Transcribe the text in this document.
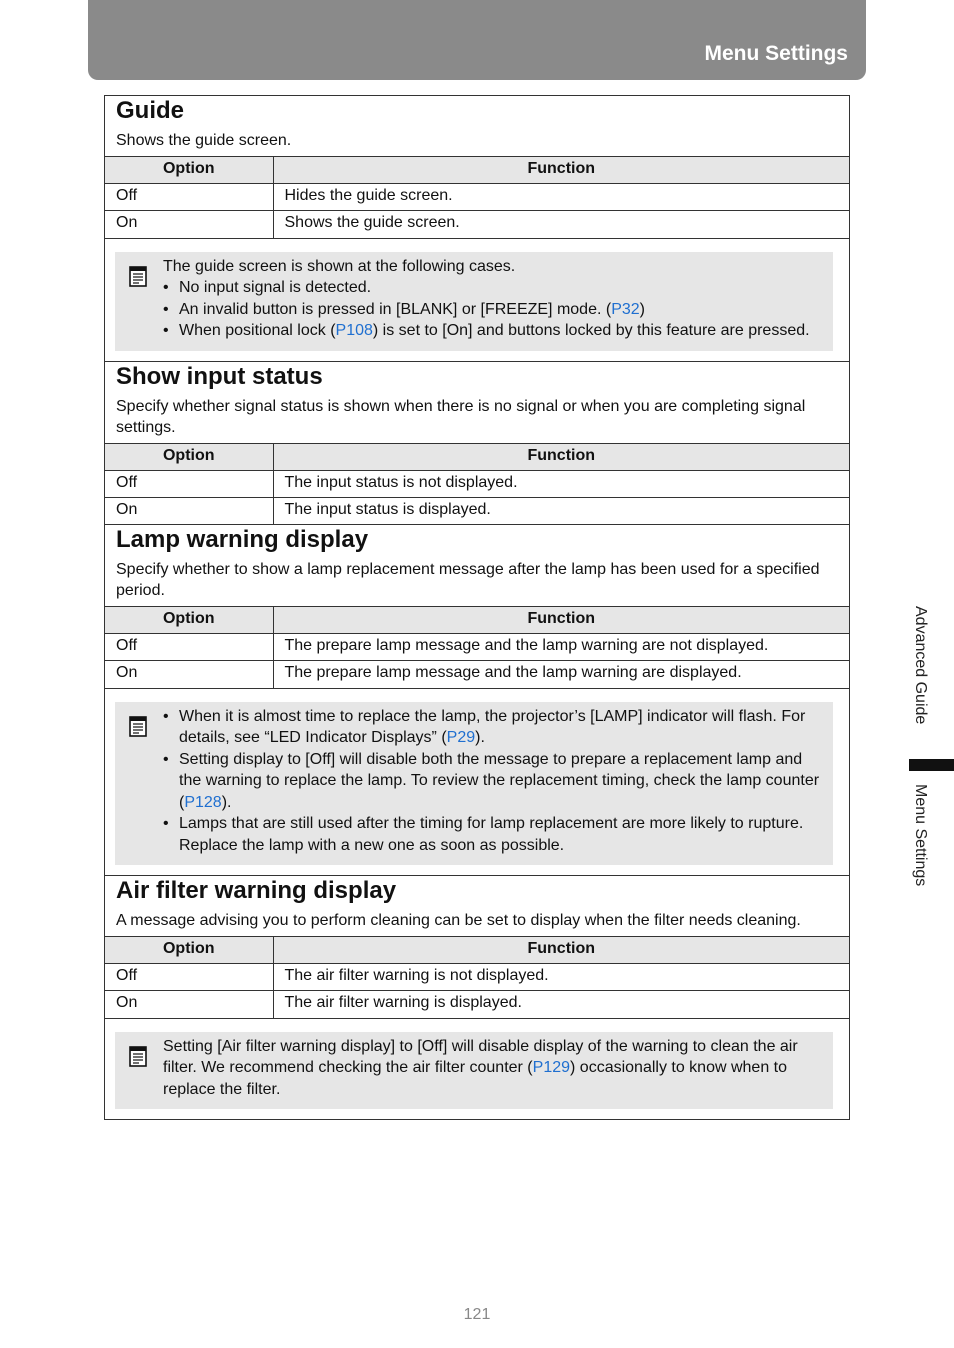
Menu Settings
Guide
Shows the guide screen.
Option	Function
Off	Hides the guide screen.
On	Shows the guide screen.
The guide screen is shown at the following cases.
• No input signal is detected.
• An invalid button is pressed in [BLANK] or [FREEZE] mode. (P32)
• When positional lock (P108) is set to [On] and buttons locked by this feature are pressed.
Show input status
Specify whether signal status is shown when there is no signal or when you are completing signal settings.
Option	Function
Off	The input status is not displayed.
On	The input status is displayed.
Lamp warning display
Specify whether to show a lamp replacement message after the lamp has been used for a specified period.
Option	Function
Off	The prepare lamp message and the lamp warning are not displayed.
On	The prepare lamp message and the lamp warning are displayed.
• When it is almost time to replace the lamp, the projector’s [LAMP] indicator will flash. For details, see “LED Indicator Displays” (P29).
• Setting display to [Off] will disable both the message to prepare a replacement lamp and the warning to replace the lamp. To review the replacement timing, check the lamp counter (P128).
• Lamps that are still used after the timing for lamp replacement are more likely to rupture. Replace the lamp with a new one as soon as possible.
Air filter warning display
A message advising you to perform cleaning can be set to display when the filter needs cleaning.
Option	Function
Off	The air filter warning is not displayed.
On	The air filter warning is displayed.
Setting [Air filter warning display] to [Off] will disable display of the warning to clean the air filter. We recommend checking the air filter counter (P129) occasionally to know when to replace the filter.
Advanced Guide
Menu Settings
121
